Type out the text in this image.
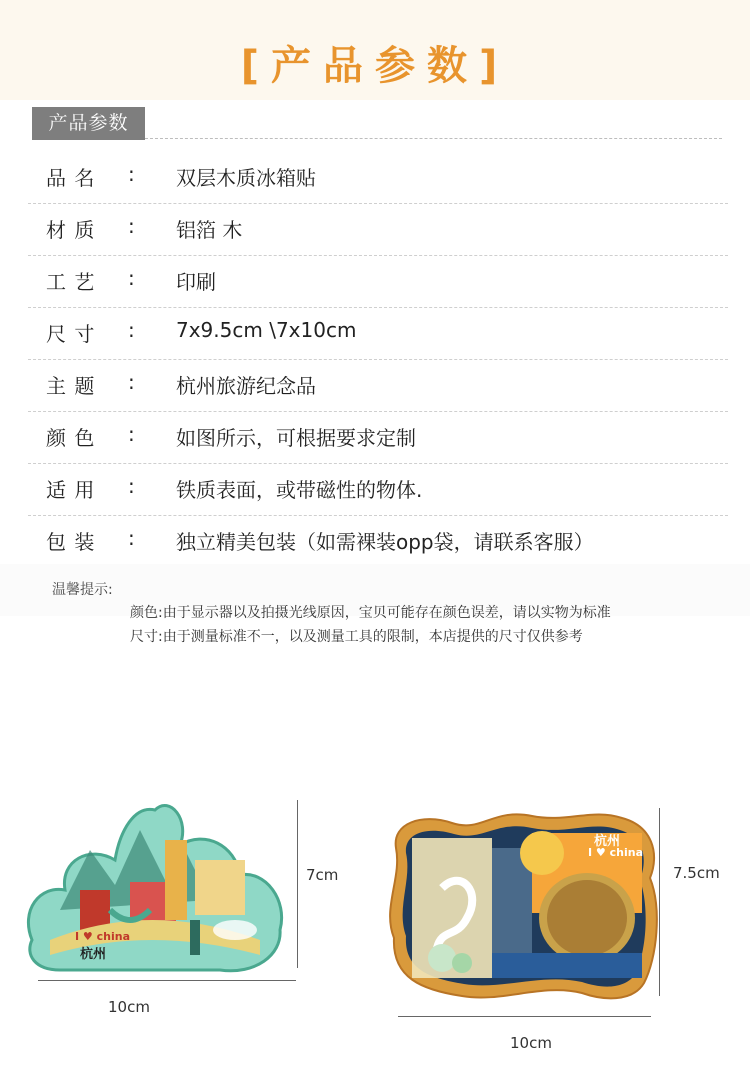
[产品参数]
产品参数
品 名	: 双层木质冰箱贴
材 质	: 铝箔 木
工 艺	: 印刷
尺 寸	: 7x9.5cm \7x10cm
主 题	: 杭州旅游纪念品
颜 色	: 如图所示，可根据要求定制
适 用	: 铁质表面，或带磁性的物体.
包 装	: 独立精美包装（如需裸装opp袋，请联系客服）
温馨提示:
颜色:由于显示器以及拍摄光线原因，宝贝可能存在颜色误差，请以实物为标准
尺寸:由于测量标准不一，以及测量工具的限制，本店提供的尺寸仅供参考
I ♥ china
杭州
7cm
10cm
杭州
I ♥ china
7.5cm
10cm
